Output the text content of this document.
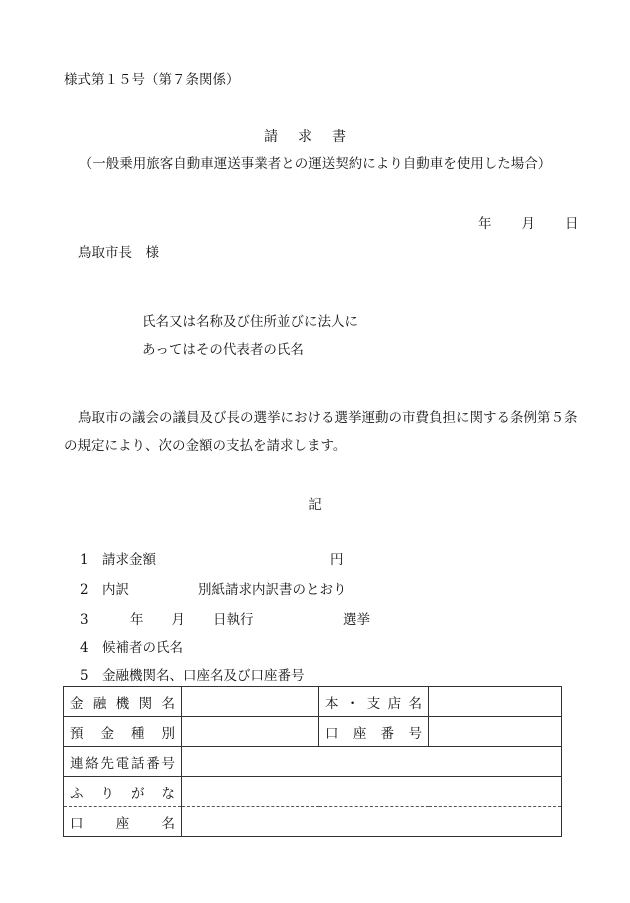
様式第１５号（第７条関係）
請求書
（一般乗用旅客自動車運送事業者との運送契約により自動車を使用した場合）
年 月 日
鳥取市長　様
氏名又は名称及び住所並びに法人に
あってはその代表者の氏名
鳥取市の議会の議員及び長の選挙における選挙運動の市費負担に関する条例第５条
の規定により、次の金額の支払を請求します。
記
1 請求金額	円
2 内訳	別紙請求内訳書のとおり
3	年 月 日執行	選挙
4 候補者の氏名
5 金融機関名、口座名及び口座番号
金融機関名		本・支店名	
預金種別		口座番号	
連絡先電話番号			
ふりがな			
口座名			
